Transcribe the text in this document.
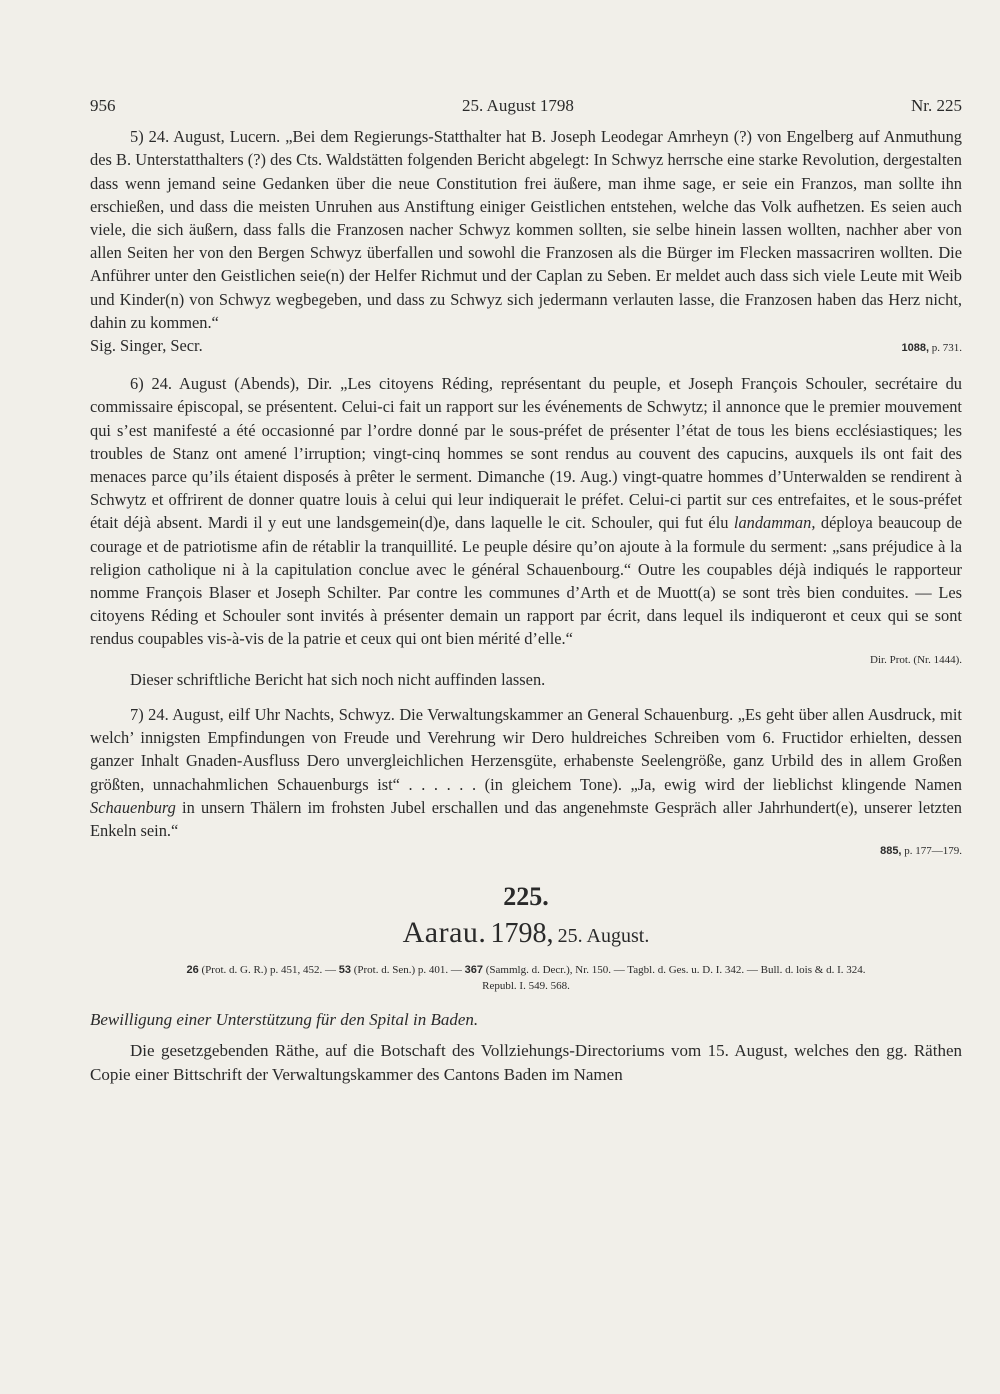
956	25. August 1798	Nr. 225

5) 24. August, Lucern. „Bei dem Regierungs-Statthalter hat B. Joseph Leodegar Amrheyn (?) von Engelberg auf Anmuthung des B. Unterstatthalters (?) des Cts. Waldstätten folgenden Bericht abgelegt: In Schwyz herrsche eine starke Revolution, dergestalten dass wenn jemand seine Gedanken über die neue Constitution frei äußere, man ihme sage, er seie ein Franzos, man sollte ihn erschießen, und dass die meisten Unruhen aus Anstiftung einiger Geistlichen entstehen, welche das Volk aufhetzen. Es seien auch viele, die sich äußern, dass falls die Franzosen nacher Schwyz kommen sollten, sie selbe hinein lassen wollten, nachher aber von allen Seiten her von den Bergen Schwyz überfallen und sowohl die Franzosen als die Bürger im Flecken massacriren wollten. Die Anführer unter den Geistlichen seie(n) der Helfer Richmut und der Caplan zu Seben. Er meldet auch dass sich viele Leute mit Weib und Kinder(n) von Schwyz wegbegeben, und dass zu Schwyz sich jedermann verlauten lasse, die Franzosen haben das Herz nicht, dahin zu kommen.“

Sig. Singer, Secr.	1088, p. 731.

6) 24. August (Abends), Dir. „Les citoyens Réding, représentant du peuple, et Joseph François Schouler, secrétaire du commissaire épiscopal, se présentent. Celui-ci fait un rapport sur les événements de Schwytz; il annonce que le premier mouvement qui s’est manifesté a été occasionné par l’ordre donné par le sous-préfet de présenter l’état de tous les biens ecclésiastiques; les troubles de Stanz ont amené l’irruption; vingt-cinq hommes se sont rendus au couvent des capucins, auxquels ils ont fait des menaces parce qu’ils étaient disposés à prêter le serment. Dimanche (19. Aug.) vingt-quatre hommes d’Unterwalden se rendirent à Schwytz et offrirent de donner quatre louis à celui qui leur indiquerait le préfet. Celui-ci partit sur ces entrefaites, et le sous-préfet était déjà absent. Mardi il y eut une landsgemein(d)e, dans laquelle le cit. Schouler, qui fut élu landamman, déploya beaucoup de courage et de patriotisme afin de rétablir la tranquillité. Le peuple désire qu’on ajoute à la formule du serment: „sans préjudice à la religion catholique ni à la capitulation conclue avec le général Schauenbourg.“ Outre les coupables déjà indiqués le rapporteur nomme François Blaser et Joseph Schilter. Par contre les communes d’Arth et de Muott(a) se sont très bien conduites. — Les citoyens Réding et Schouler sont invités à présenter demain un rapport par écrit, dans lequel ils indiqueront et ceux qui se sont rendus coupables vis-à-vis de la patrie et ceux qui ont bien mérité d’elle.“

Dir. Prot. (Nr. 1444).

Dieser schriftliche Bericht hat sich noch nicht auffinden lassen.

7) 24. August, eilf Uhr Nachts, Schwyz. Die Verwaltungskammer an General Schauenburg. „Es geht über allen Ausdruck, mit welch’ innigsten Empfindungen von Freude und Verehrung wir Dero huldreiches Schreiben vom 6. Fructidor erhielten, dessen ganzer Inhalt Gnaden-Ausfluss Dero unvergleichlichen Herzensgüte, erhabenste Seelengröße, ganz Urbild des in allem Großen größten, unnachahmlichen Schauenburgs ist“ . . . . . . (in gleichem Tone). „Ja, ewig wird der lieblichst klingende Namen Schauenburg in unsern Thälern im frohsten Jubel erschallen und das angenehmste Gespräch aller Jahrhundert(e), unserer letzten Enkeln sein.“

885, p. 177—179.
225.
Aarau. 1798, 25. August.
26 (Prot. d. G. R.) p. 451, 452. — 53 (Prot. d. Sen.) p. 401. — 367 (Sammlg. d. Decr.), Nr. 150. — Tagbl. d. Ges. u. D. I. 342. — Bull. d. lois & d. I. 324.
Republ. I. 549. 568.

Bewilligung einer Unterstützung für den Spital in Baden.

Die gesetzgebenden Räthe, auf die Botschaft des Vollziehungs-Directoriums vom 15. August, welches den gg. Räthen Copie einer Bittschrift der Verwaltungskammer des Cantons Baden im Namen
